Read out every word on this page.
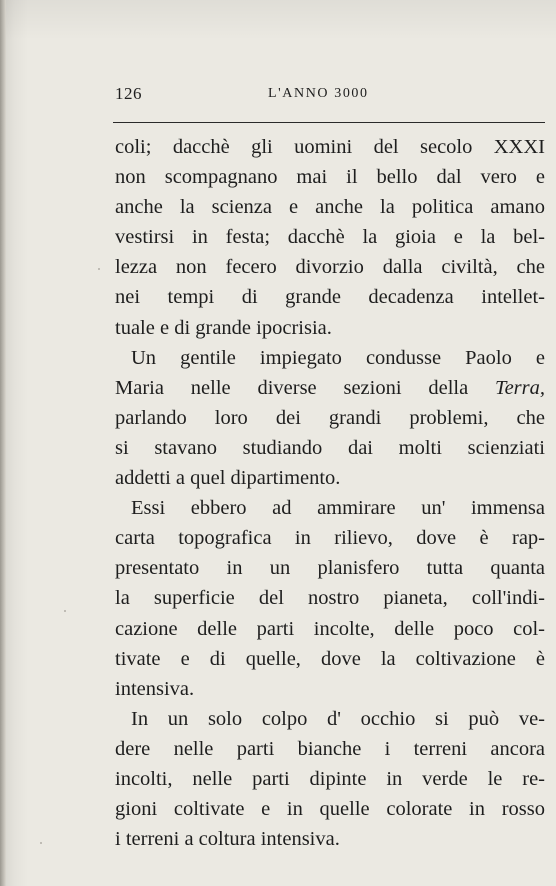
126	L'ANNO 3000
coli; dacchè gli uomini del secolo XXXI
non scompagnano mai il bello dal vero e
anche la scienza e anche la politica amano
vestirsi in festa; dacchè la gioia e la bel-
lezza non fecero divorzio dalla civiltà, che
nei tempi di grande decadenza intellet-
tuale e di grande ipocrisia.
Un gentile impiegato condusse Paolo e
Maria nelle diverse sezioni della Terra,
parlando loro dei grandi problemi, che
si stavano studiando dai molti scienziati
addetti a quel dipartimento.
Essi ebbero ad ammirare un' immensa
carta topografica in rilievo, dove è rap-
presentato in un planisfero tutta quanta
la superficie del nostro pianeta, coll'indi-
cazione delle parti incolte, delle poco col-
tivate e di quelle, dove la coltivazione è
intensiva.
In un solo colpo d' occhio si può ve-
dere nelle parti bianche i terreni ancora
incolti, nelle parti dipinte in verde le re-
gioni coltivate e in quelle colorate in rosso
i terreni a coltura intensiva.
